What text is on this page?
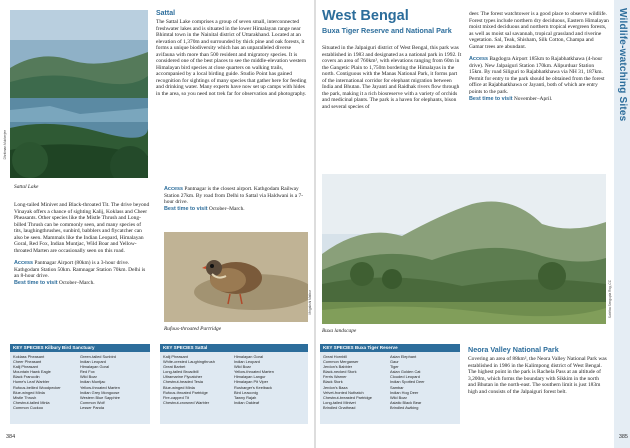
Dhritiman Mukherjee
Sattal Lake
Sattal

The Sattal Lake comprises a group of seven small, interconnected freshwater lakes and is situated in the lower Himalayan range near Bhimtal town in the Nainital district of Uttarakhand. Located at an elevation of 1,370m and surrounded by thick pine and oak forests, it forms a unique biodiversity which has an unparalleled diverse avifauna with more than 500 resident and migratory species. It is considered one of the best places to see the middle-elevation western Himalayan bird species at close quarters on walking trails, accompanied by a local birding guide. Studio Point has gained recognition for sightings of many species that gather here for feeding and drinking water. Many experts have now set up camps with hides in the area, so you need not trek far for observation and photography.

Long-tailed Minivet and Black-throated Tit. The drive beyond Vinayak offers a chance of sighting Kalij, Koklass and Cheer Pheasants. Other species like the Mistle Thrush and Long-billed Thrush can be commonly seen, and many species of tits, laughingthrushes, sunbird, babblers and flycatcher can also be seen. Mammals like the Indian Leopard, Himalayan Goral, Red Fox, Indian Muntjac, Wild Boar and Yellow-throated Marten are occasionally seen on this road.

Access Pantnagar Airport (80km) is a 3-hour drive. Kathgodam Station 50km. Ramnagar Station 70km. Delhi is an 8-hour drive.

Best time to visit October–March.

Access Pantnagar is the closest airport. Kathgodam Railway Station 27km. By road from Delhi to Sattal via Haldwani is a 7-hour drive.

Best time to visit October–March.

Mrigakshi Mathur
Rufous-throated Partridge
KEY SPECIES Kilbury Bird Sanctuary
Koklass Pheasant
Cheer Pheasant
Kalij Pheasant
Mountain Hawk Eagle
Black Francolin
Hume's Leaf Warbler
Rufous-bellied Woodpecker
Blue-winged Minla
Mistle Thrush
Chestnut-tailed Minla
Common Cuckoo
Green-tailed Sunbird
Indian Leopard
Himalayan Goral
Red Fox
Wild Boar
Indian Muntjac
Yellow-throated Marten
Indian Grey Mongoose
Western Blue Sapphire
Common Wolf
Lesser Panda
KEY SPECIES Sattal
Kalij Pheasant
White-crested Laughingthrush
Great Barbet
Long-tailed Broadbill
Ultramarine Flycatcher
Chestnut-headed Tesia
Blue-winged Minla
Rufous-throated Partridge
Fire-capped Tit
Chestnut-crowned Warbler
Himalayan Goral
Indian Leopard
Wild Boar
Yellow-throated Marten
Himalayan Langur
Himalayan Pit Viper
Rusharger's Keelback
Bird Leaconig
Tawny Rajah
Indian Oakleaf
384
West Bengal
Buxa Tiger Reserve and National Park

Situated in the Jalpaiguri district of West Bengal, this park was established in 1983 and designated as a national park in 1992. It covers an area of 760km², with elevations ranging from 60m in the Gangetic Plain to 1,750m bordering the Himalayas in the north. Contiguous with the Manas National Park, it forms part of the international corridor for elephant migration between India and Bhutan. The Jayanti and Raidhak rivers flow through the park, making it a rich biosreserve with a variety of orchids and medicinal plants. The park is a haven for elephants, bison and several species of

deer. The forest watchtower is a good place to observe wildlife. Forest types include northern dry deciduous, Eastern Himalayan moist mixed deciduous and northern tropical evergreen forests, as well as moist sal savannah, tropical grassland and riverine vegetation. Sal, Teak, Shisham, Silk Cotton, Champa and Gamar trees are abundant.

Access Bagdogra Airport 185km to Rajabhatkhawa (4-hour drive). New Jalpaiguri Station 170km. Alipurduar Station 15km. By road Siliguri to Rajabhatkhawa via NH 31, 187km. Permit for entry to the park should be obtained from the forest office at Rajabhatkhawa or Jayanti, both of which are entry points to the park.

Best time to visit November–April.

Sutirtha Sengupta Roy, CC
Buxa landscape
KEY SPECIES Buxa Tiger Reserve
Great Hornbill
Common Merganser
Jerdon's Babbler
Black-necked Stork
Ferris Warner
Black Stork
Jerdon's Baza
Velvet-fronted Nuthatch
Chestnut-breasted Partridge
Long-tailed Minivet
Brindled Gnathead
Asian Elephant
Gaur
Tiger
Asian Golden Cat
Clouded Leopard
Indian Spotted Deer
Sambar
Indian Hog Deer
Wild Boar
Asiatic Black Bear
Brindled Awlking
Neora Valley National Park

Covering an area of 88km², the Neora Valley National Park was established in 1986 in the Kalimpong district of West Bengal. The highest point in the park is Rachela Pass at an altitude of 3,200m, which forms the boundary with Sikkim in the north and Bhutan in the north-east. The southern limit is just 183m high and consists of the Jalpaiguri forest belt.

Wildlife-watching Sites
385
